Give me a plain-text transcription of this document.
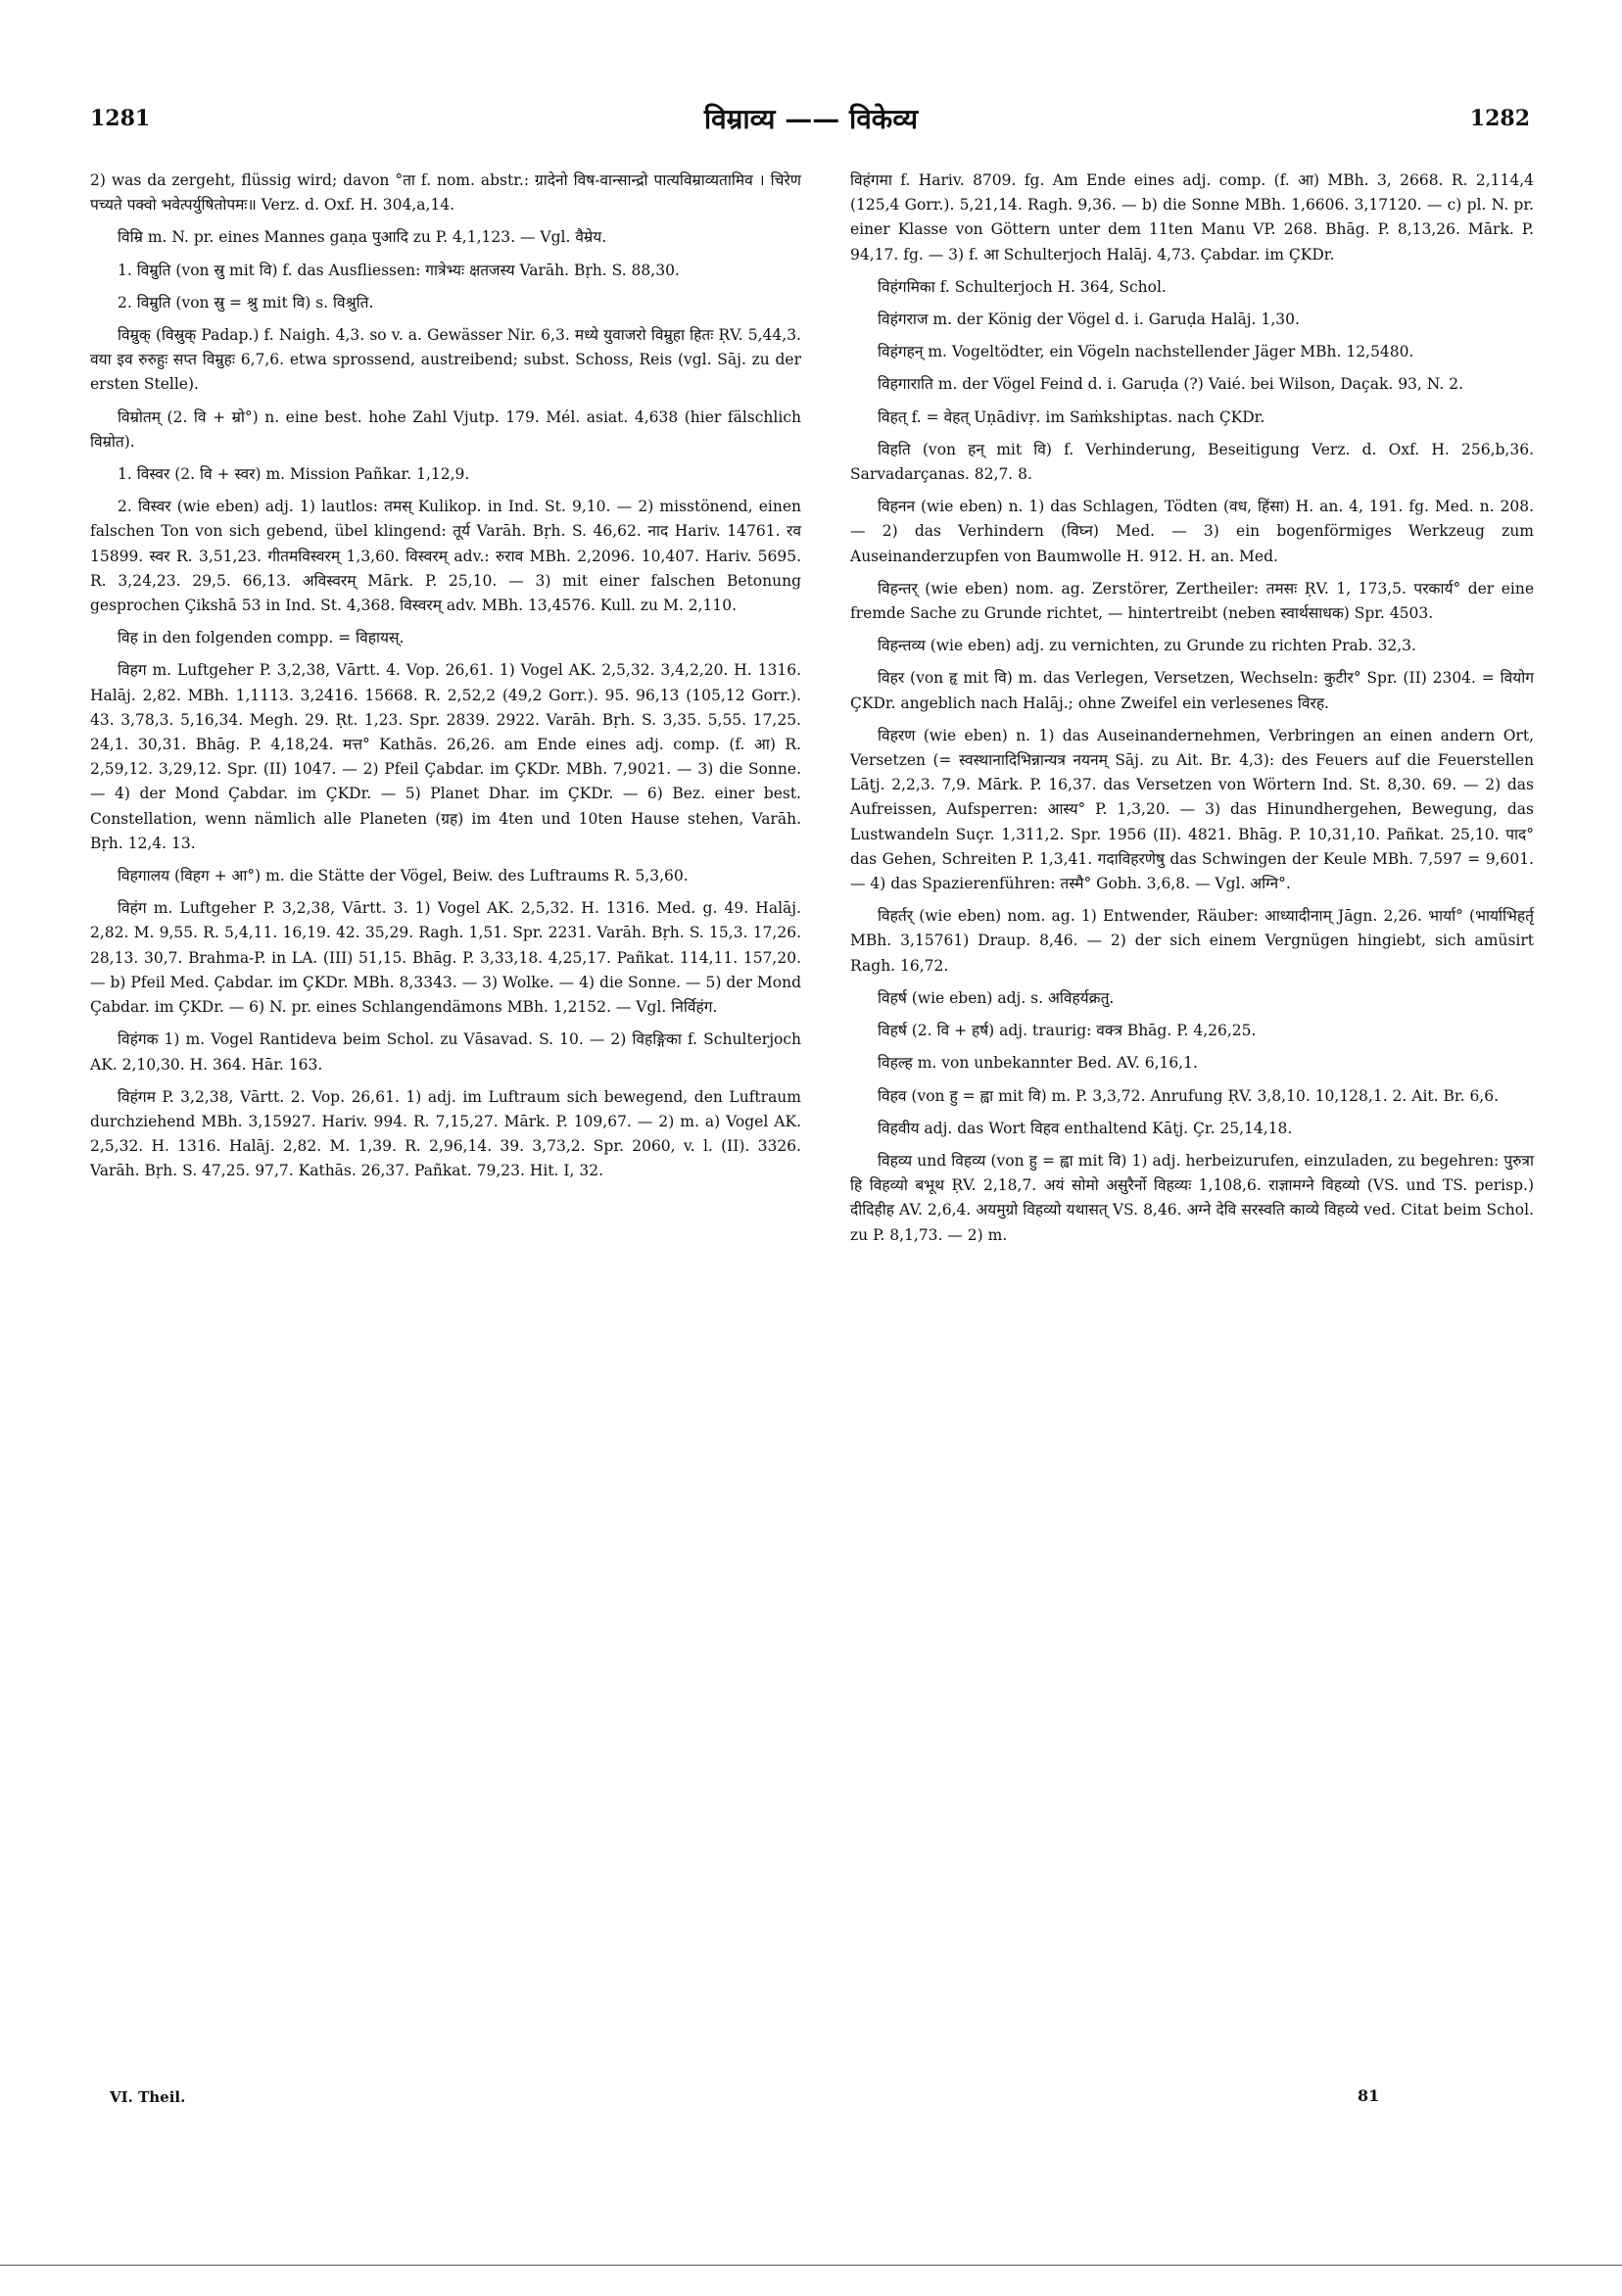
1281	विम्राव्य —— विकेव्य	1282

2) was da zergeht, flüssig wird; davon °ता f. nom. abstr.: ग्रादेनो विष-वान्सान्द्रो पात्यविम्राव्यतामिव । चिरेण पच्यते पक्वो भवेत्पर्युषितोपमः॥ Verz. d. Oxf. H. 304,a,14.

विम्रि m. N. pr. eines Mannes gaṇa पुआदि zu P. 4,1,123. — Vgl. वैम्रेय.

1. विम्रुति (von स्रु mit वि) f. das Ausfliessen: गात्रेभ्यः क्षतजस्य Varāh. Bṛh. S. 88,30.

2. विम्रुति (von स्रु = श्रु mit वि) s. विश्रुति.

विम्रुक् (विस्रुक् Padap.) f. Naigh. 4,3. so v. a. Gewässer Nir. 6,3. मध्ये युवाजरो विम्रुहा हितः ṚV. 5,44,3. वया इव रुरुहुः सप्त विम्रुहः 6,7,6. etwa sprossend, austreibend; subst. Schoss, Reis (vgl. Sāj. zu der ersten Stelle).

विम्रोतम् (2. वि + म्रो°) n. eine best. hohe Zahl Vjutp. 179. Mél. asiat. 4,638 (hier fälschlich विम्रोत).

1. विस्वर (2. वि + स्वर) m. Mission Pañkar. 1,12,9.

2. विस्वर (wie eben) adj. 1) lautlos: तमस् Kulikop. in Ind. St. 9,10. — 2) misstönend, einen falschen Ton von sich gebend, übel klingend: तूर्य Varāh. Bṛh. S. 46,62. नाद Hariv. 14761. रव 15899. स्वर R. 3,51,23. गीतमविस्वरम् 1,3,60. विस्वरम् adv.: रुराव MBh. 2,2096. 10,407. Hariv. 5695. R. 3,24,23. 29,5. 66,13. अविस्वरम् Mārk. P. 25,10. — 3) mit einer falschen Betonung gesprochen Çikshā 53 in Ind. St. 4,368. विस्वरम् adv. MBh. 13,4576. Kull. zu M. 2,110.

विह in den folgenden compp. = विहायस्.

विहग m. Luftgeher P. 3,2,38, Vārtt. 4. Vop. 26,61. 1) Vogel AK. 2,5,32. 3,4,2,20. H. 1316. Halāj. 2,82. MBh. 1,1113. 3,2416. 15668. R. 2,52,2 (49,2 Gorr.). 95. 96,13 (105,12 Gorr.). 43. 3,78,3. 5,16,34. Megh. 29. Ṛt. 1,23. Spr. 2839. 2922. Varāh. Bṛh. S. 3,35. 5,55. 17,25. 24,1. 30,31. Bhāg. P. 4,18,24. मत्त° Kathās. 26,26. am Ende eines adj. comp. (f. आ) R. 2,59,12. 3,29,12. Spr. (II) 1047. — 2) Pfeil Çabdar. im ÇKDr. MBh. 7,9021. — 3) die Sonne. — 4) der Mond Çabdar. im ÇKDr. — 5) Planet Dhar. im ÇKDr. — 6) Bez. einer best. Constellation, wenn nämlich alle Planeten (ग्रह) im 4ten und 10ten Hause stehen, Varāh. Bṛh. 12,4. 13.

विहगालय (विहग + आ°) m. die Stätte der Vögel, Beiw. des Luftraums R. 5,3,60.

विहंग m. Luftgeher P. 3,2,38, Vārtt. 3. 1) Vogel AK. 2,5,32. H. 1316. Med. g. 49. Halāj. 2,82. M. 9,55. R. 5,4,11. 16,19. 42. 35,29. Ragh. 1,51. Spr. 2231. Varāh. Bṛh. S. 15,3. 17,26. 28,13. 30,7. Brahma-P. in LA. (III) 51,15. Bhāg. P. 3,33,18. 4,25,17. Pañkat. 114,11. 157,20. — b) Pfeil Med. Çabdar. im ÇKDr. MBh. 8,3343. — 3) Wolke. — 4) die Sonne. — 5) der Mond Çabdar. im ÇKDr. — 6) N. pr. eines Schlangendämons MBh. 1,2152. — Vgl. निर्विहंग.

विहंगक 1) m. Vogel Rantideva beim Schol. zu Vāsavad. S. 10. — 2) विहङ्गिका f. Schulterjoch AK. 2,10,30. H. 364. Hār. 163.

विहंगम P. 3,2,38, Vārtt. 2. Vop. 26,61. 1) adj. im Luftraum sich bewegend, den Luftraum durchziehend MBh. 3,15927. Hariv. 994. R. 7,15,27. Mārk. P. 109,67. — 2) m. a) Vogel AK. 2,5,32. H. 1316. Halāj. 2,82. M. 1,39. R. 2,96,14. 39. 3,73,2. Spr. 2060, v. l. (II). 3326. Varāh. Bṛh. S. 47,25. 97,7. Kathās. 26,37. Pañkat. 79,23. Hit. I, 32.

विहंगमा f. Hariv. 8709. fg. Am Ende eines adj. comp. (f. आ) MBh. 3, 2668. R. 2,114,4 (125,4 Gorr.). 5,21,14. Ragh. 9,36. — b) die Sonne MBh. 1,6606. 3,17120. — c) pl. N. pr. einer Klasse von Göttern unter dem 11ten Manu VP. 268. Bhāg. P. 8,13,26. Mārk. P. 94,17. fg. — 3) f. आ Schulterjoch Halāj. 4,73. Çabdar. im ÇKDr.

विहंगमिका f. Schulterjoch H. 364, Schol.

विहंगराज m. der König der Vögel d. i. Garuḍa Halāj. 1,30.

विहंगहन् m. Vogeltödter, ein Vögeln nachstellender Jäger MBh. 12,5480.

विहगाराति m. der Vögel Feind d. i. Garuḍa (?) Vaié. bei Wilson, Daçak. 93, N. 2.

विहत् f. = वेहत् Uṇādivṛ. im Saṁkshiptas. nach ÇKDr.

विहति (von हन् mit वि) f. Verhinderung, Beseitigung Verz. d. Oxf. H. 256,b,36. Sarvadarçanas. 82,7. 8.

विहनन (wie eben) n. 1) das Schlagen, Tödten (वध, हिंसा) H. an. 4, 191. fg. Med. n. 208. — 2) das Verhindern (विघ्न) Med. — 3) ein bogenförmiges Werkzeug zum Auseinanderzupfen von Baumwolle H. 912. H. an. Med.

विहन्तर् (wie eben) nom. ag. Zerstörer, Zertheiler: तमसः ṚV. 1, 173,5. परकार्य° der eine fremde Sache zu Grunde richtet, — hintertreibt (neben स्वार्थसाधक) Spr. 4503.

विहन्तव्य (wie eben) adj. zu vernichten, zu Grunde zu richten Prab. 32,3.

विहर (von हृ mit वि) m. das Verlegen, Versetzen, Wechseln: कुटीर° Spr. (II) 2304. = वियोग ÇKDr. angeblich nach Halāj.; ohne Zweifel ein verlesenes विरह.

विहरण (wie eben) n. 1) das Auseinandernehmen, Verbringen an einen andern Ort, Versetzen (= स्वस्थानादिभिन्नान्यत्र नयनम् Sāj. zu Ait. Br. 4,3): des Feuers auf die Feuerstellen Lāṭj. 2,2,3. 7,9. Mārk. P. 16,37. das Versetzen von Wörtern Ind. St. 8,30. 69. — 2) das Aufreissen, Aufsperren: आस्य° P. 1,3,20. — 3) das Hinundhergehen, Bewegung, das Lustwandeln Suçr. 1,311,2. Spr. 1956 (II). 4821. Bhāg. P. 10,31,10. Pañkat. 25,10. पाद° das Gehen, Schreiten P. 1,3,41. गदाविहरणेषु das Schwingen der Keule MBh. 7,597 = 9,601. — 4) das Spazierenführen: तस्मै° Gobh. 3,6,8. — Vgl. अग्नि°.

विहर्तर् (wie eben) nom. ag. 1) Entwender, Räuber: आध्यादीनाम् Jāgn. 2,26. भार्या° (भार्याभिहर्तृ MBh. 3,15761) Draup. 8,46. — 2) der sich einem Vergnügen hingiebt, sich amüsirt Ragh. 16,72.

विहर्ष (wie eben) adj. s. अविहर्यक्रतु.

विहर्ष (2. वि + हर्ष) adj. traurig: वक्त्र Bhāg. P. 4,26,25.

विहल्ह m. von unbekannter Bed. AV. 6,16,1.

विहव (von हु = ह्वा mit वि) m. P. 3,3,72. Anrufung ṚV. 3,8,10. 10,128,1. 2. Ait. Br. 6,6.

विहवीय adj. das Wort विहव enthaltend Kāṭj. Çr. 25,14,18.

विहव्य und विहव्य (von हु = ह्वा mit वि) 1) adj. herbeizurufen, einzuladen, zu begehren: पुरुत्रा हि विहव्यो बभूथ ṚV. 2,18,7. अयं सोमो असुरैर्नो विहव्यः 1,108,6. राज्ञामग्ने विहव्यो (VS. und TS. perisp.) दीदिहीह AV. 2,6,4. अयमुग्रो विहव्यो यथासत् VS. 8,46. अग्ने देवि सरस्वति काव्ये विहव्ये ved. Citat beim Schol. zu P. 8,1,73. — 2) m.

VI. Theil.	81
